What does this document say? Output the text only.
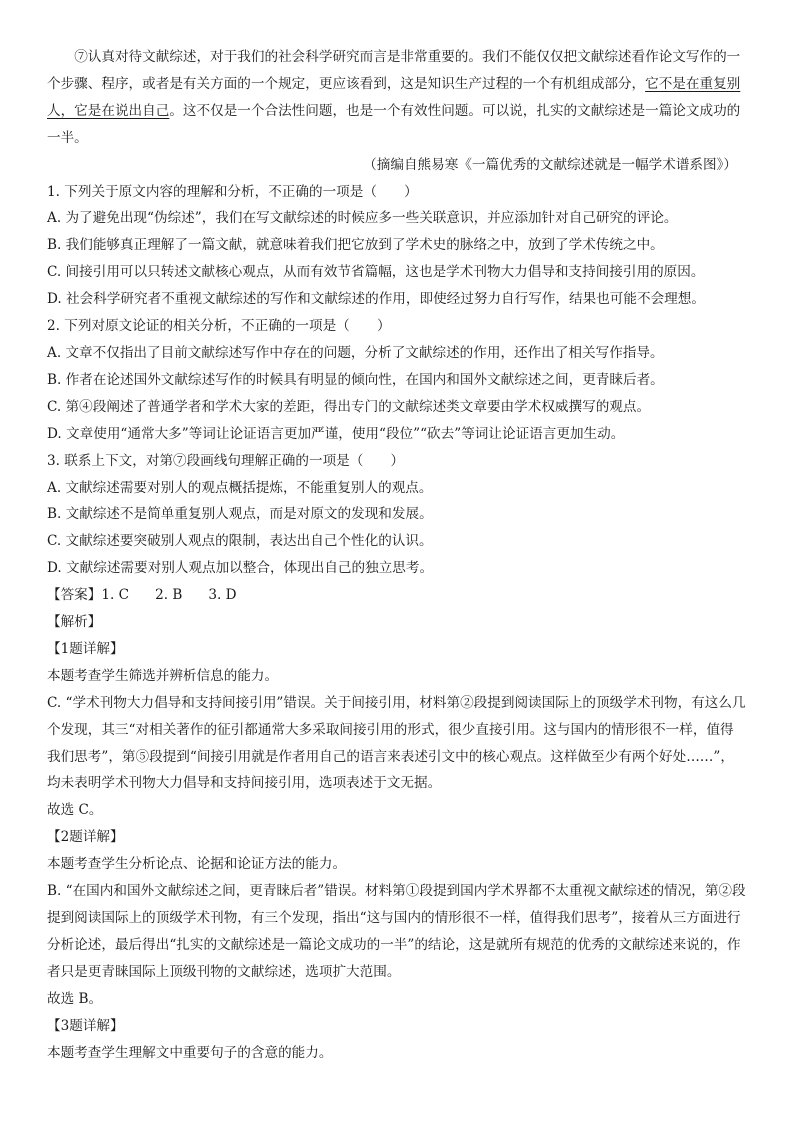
⑦认真对待文献综述，对于我们的社会科学研究而言是非常重要的。我们不能仅仅把文献综述看作论文写作的一个步骤、程序，或者是有关方面的一个规定，更应该看到，这是知识生产过程的一个有机组成部分，它不是在重复别人，它是在说出自己。这不仅是一个合法性问题，也是一个有效性问题。可以说，扎实的文献综述是一篇论文成功的一半。

（摘编自熊易寒《一篇优秀的文献综述就是一幅学术谱系图》）

1. 下列关于原文内容的理解和分析，不正确的一项是（　　）

A. 为了避免出现“伪综述”，我们在写文献综述的时候应多一些关联意识，并应添加针对自己研究的评论。

B. 我们能够真正理解了一篇文献，就意味着我们把它放到了学术史的脉络之中，放到了学术传统之中。

C. 间接引用可以只转述文献核心观点，从而有效节省篇幅，这也是学术刊物大力倡导和支持间接引用的原因。

D. 社会科学研究者不重视文献综述的写作和文献综述的作用，即使经过努力自行写作，结果也可能不会理想。

2. 下列对原文论证的相关分析，不正确的一项是（　　）

A. 文章不仅指出了目前文献综述写作中存在的问题，分析了文献综述的作用，还作出了相关写作指导。

B. 作者在论述国外文献综述写作的时候具有明显的倾向性，在国内和国外文献综述之间，更青睐后者。

C. 第④段阐述了普通学者和学术大家的差距，得出专门的文献综述类文章要由学术权威撰写的观点。

D. 文章使用“通常大多”等词让论证语言更加严谨，使用“段位”“砍去”等词让论证语言更加生动。

3. 联系上下文，对第⑦段画线句理解正确的一项是（　　）

A. 文献综述需要对别人的观点概括提炼，不能重复别人的观点。

B. 文献综述不是简单重复别人观点，而是对原文的发现和发展。

C. 文献综述要突破别人观点的限制，表达出自己个性化的认识。

D. 文献综述需要对别人观点加以整合，体现出自己的独立思考。

【答案】1. C 2. B 3. D

【解析】

【1题详解】

本题考查学生筛选并辨析信息的能力。

C. “学术刊物大力倡导和支持间接引用”错误。关于间接引用，材料第②段提到阅读国际上的顶级学术刊物，有这么几个发现，其三“对相关著作的征引都通常大多采取间接引用的形式，很少直接引用。这与国内的情形很不一样，值得我们思考”，第⑤段提到“间接引用就是作者用自己的语言来表述引文中的核心观点。这样做至少有两个好处……”，均未表明学术刊物大力倡导和支持间接引用，选项表述于文无据。

故选 C。

【2题详解】

本题考查学生分析论点、论据和论证方法的能力。

B. “在国内和国外文献综述之间，更青睐后者”错误。材料第①段提到国内学术界都不太重视文献综述的情况，第②段提到阅读国际上的顶级学术刊物，有三个发现，指出“这与国内的情形很不一样，值得我们思考”，接着从三方面进行分析论述，最后得出“扎实的文献综述是一篇论文成功的一半”的结论，这是就所有规范的优秀的文献综述来说的，作者只是更青睐国际上顶级刊物的文献综述，选项扩大范围。

故选 B。

【3题详解】

本题考查学生理解文中重要句子的含意的能力。
